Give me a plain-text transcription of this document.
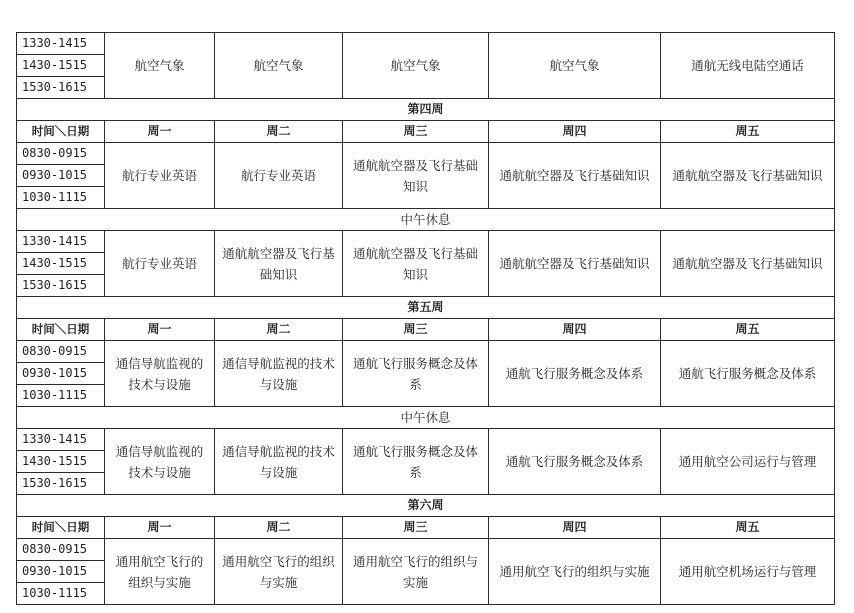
1330-1415	航空气象	航空气象	航空气象	航空气象	通航无线电陆空通话
1430-1515					
1530-1615					
第四周					
时间＼日期	周一	周二	周三	周四	周五
0830-0915	航行专业英语	航行专业英语	通航航空器及飞行基础知识	通航航空器及飞行基础知识	通航航空器及飞行基础知识
0930-1015					
1030-1115					
中午休息					
1330-1415	航行专业英语	通航航空器及飞行基础知识	通航航空器及飞行基础知识	通航航空器及飞行基础知识	通航航空器及飞行基础知识
1430-1515					
1530-1615					
第五周					
时间＼日期	周一	周二	周三	周四	周五
0830-0915	通信导航监视的技术与设施	通信导航监视的技术与设施	通航飞行服务概念及体系	通航飞行服务概念及体系	通航飞行服务概念及体系
0930-1015					
1030-1115					
中午休息					
1330-1415	通信导航监视的技术与设施	通信导航监视的技术与设施	通航飞行服务概念及体系	通航飞行服务概念及体系	通用航空公司运行与管理
1430-1515					
1530-1615					
第六周					
时间＼日期	周一	周二	周三	周四	周五
0830-0915	通用航空飞行的组织与实施	通用航空飞行的组织与实施	通用航空飞行的组织与实施	通用航空飞行的组织与实施	通用航空机场运行与管理
0930-1015					
1030-1115					
